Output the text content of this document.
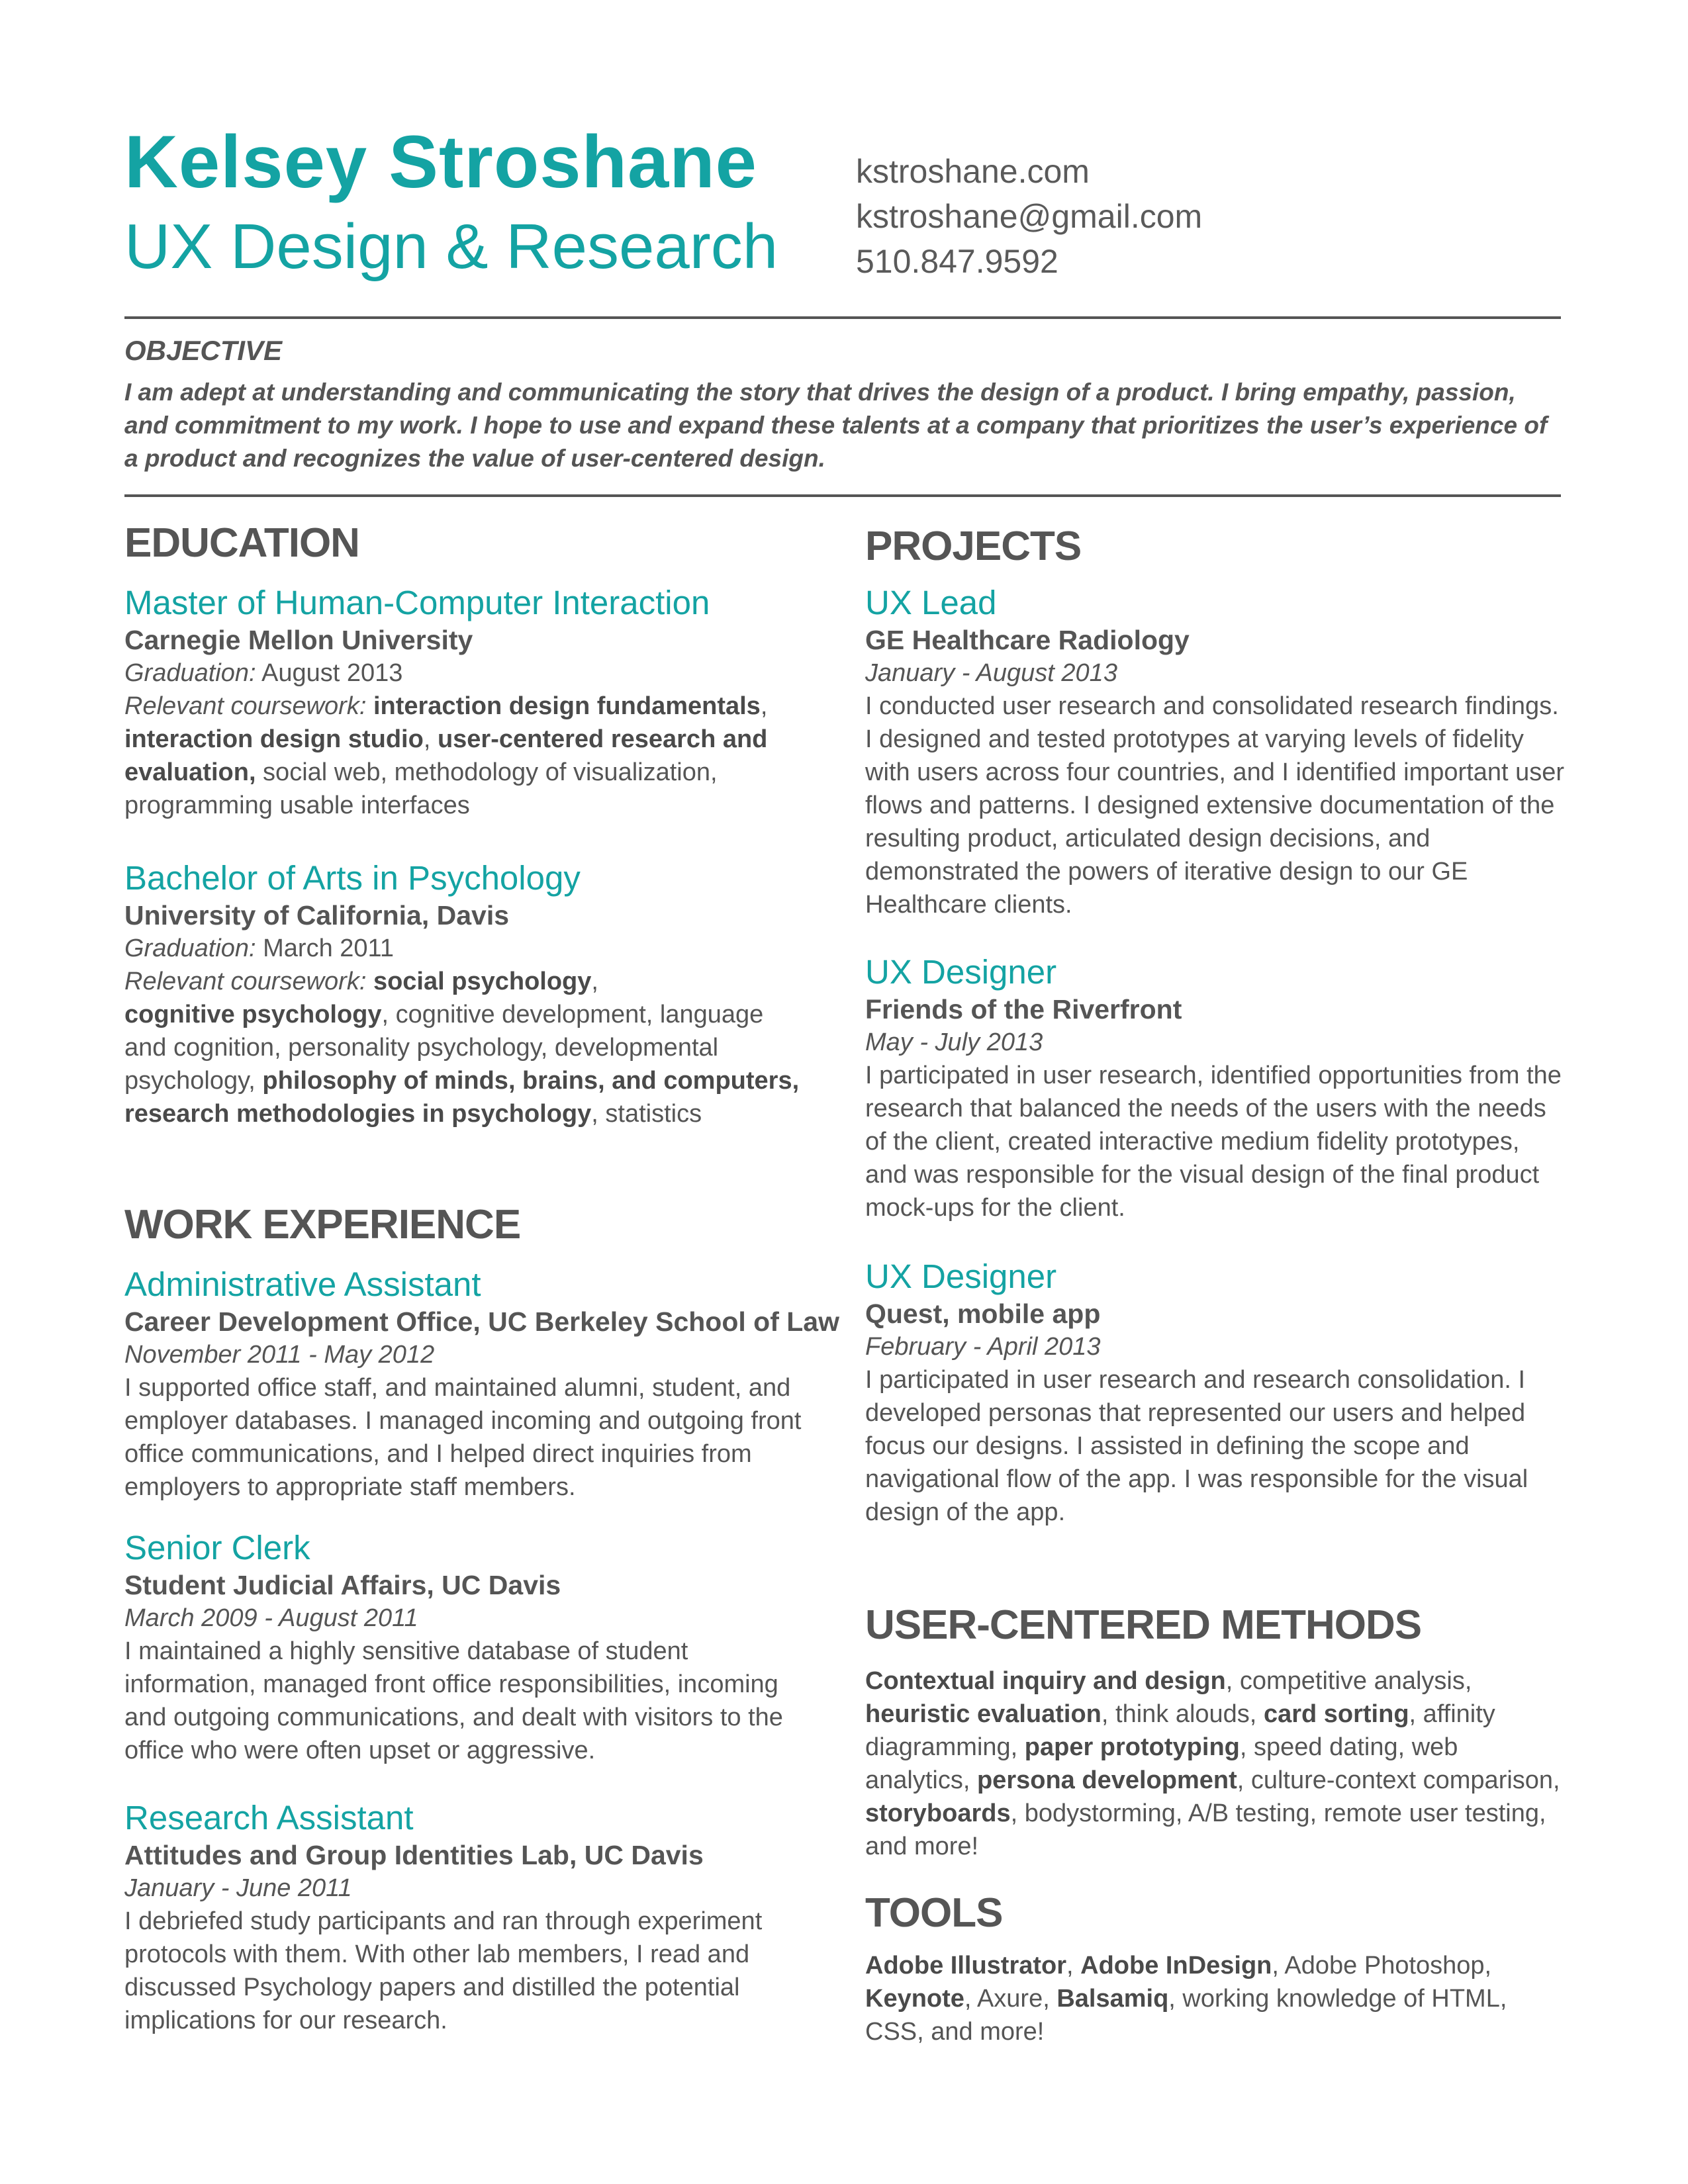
Kelsey Stroshane
UX Design & Research
kstroshane.com
kstroshane@gmail.com
510.847.9592
OBJECTIVE
I am adept at understanding and communicating the story that drives the design of a product. I bring empathy, passion, and commitment to my work. I hope to use and expand these talents at a company that prioritizes the user’s experience of a product and recognizes the value of user-centered design.
EDUCATION
Master of Human-Computer Interaction
Carnegie Mellon University
Graduation: August 2013
Relevant coursework: interaction design fundamentals,
interaction design studio, user-centered research and
evaluation, social web, methodology of visualization,
programming usable interfaces
Bachelor of Arts in Psychology
University of California, Davis
Graduation: March 2011
Relevant coursework: social psychology,
cognitive psychology, cognitive development, language
and cognition, personality psychology, developmental
psychology, philosophy of minds, brains, and computers,
research methodologies in psychology, statistics
WORK EXPERIENCE
Administrative Assistant
Career Development Office, UC Berkeley School of Law
November 2011 - May 2012
I supported office staff, and maintained alumni, student, and employer databases. I managed incoming and outgoing front office communications, and I helped direct inquiries from employers to appropriate staff members.
Senior Clerk
Student Judicial Affairs, UC Davis
March 2009 - August 2011
I maintained a highly sensitive database of student information, managed front office responsibilities, incoming and outgoing communications, and dealt with visitors to the office who were often upset or aggressive.
Research Assistant
Attitudes and Group Identities Lab, UC Davis
January - June 2011
I debriefed study participants and ran through experiment protocols with them. With other lab members, I read and discussed Psychology papers and distilled the potential implications for our research.
PROJECTS
UX Lead
GE Healthcare Radiology
January - August 2013
I conducted user research and consolidated research findings. I designed and tested prototypes at varying levels of fidelity with users across four countries, and I identified important user flows and patterns. I designed extensive documentation of the resulting product, articulated design decisions, and demonstrated the powers of iterative design to our GE Healthcare clients.
UX Designer
Friends of the Riverfront
May - July 2013
I participated in user research, identified opportunities from the research that balanced the needs of the users with the needs of the client, created interactive medium fidelity prototypes, and was responsible for the visual design of the final product mock-ups for the client.
UX Designer
Quest, mobile app
February - April 2013
I participated in user research and research consolidation. I developed personas that represented our users and helped focus our designs. I assisted in defining the scope and navigational flow of the app. I was responsible for the visual design of the app.
USER-CENTERED METHODS
Contextual inquiry and design, competitive analysis, heuristic evaluation, think alouds, card sorting, affinity diagramming, paper prototyping, speed dating, web analytics, persona development, culture-context comparison, storyboards, bodystorming, A/B testing, remote user testing, and more!
TOOLS
Adobe Illustrator, Adobe InDesign, Adobe Photoshop, Keynote, Axure, Balsamiq, working knowledge of HTML, CSS, and more!
